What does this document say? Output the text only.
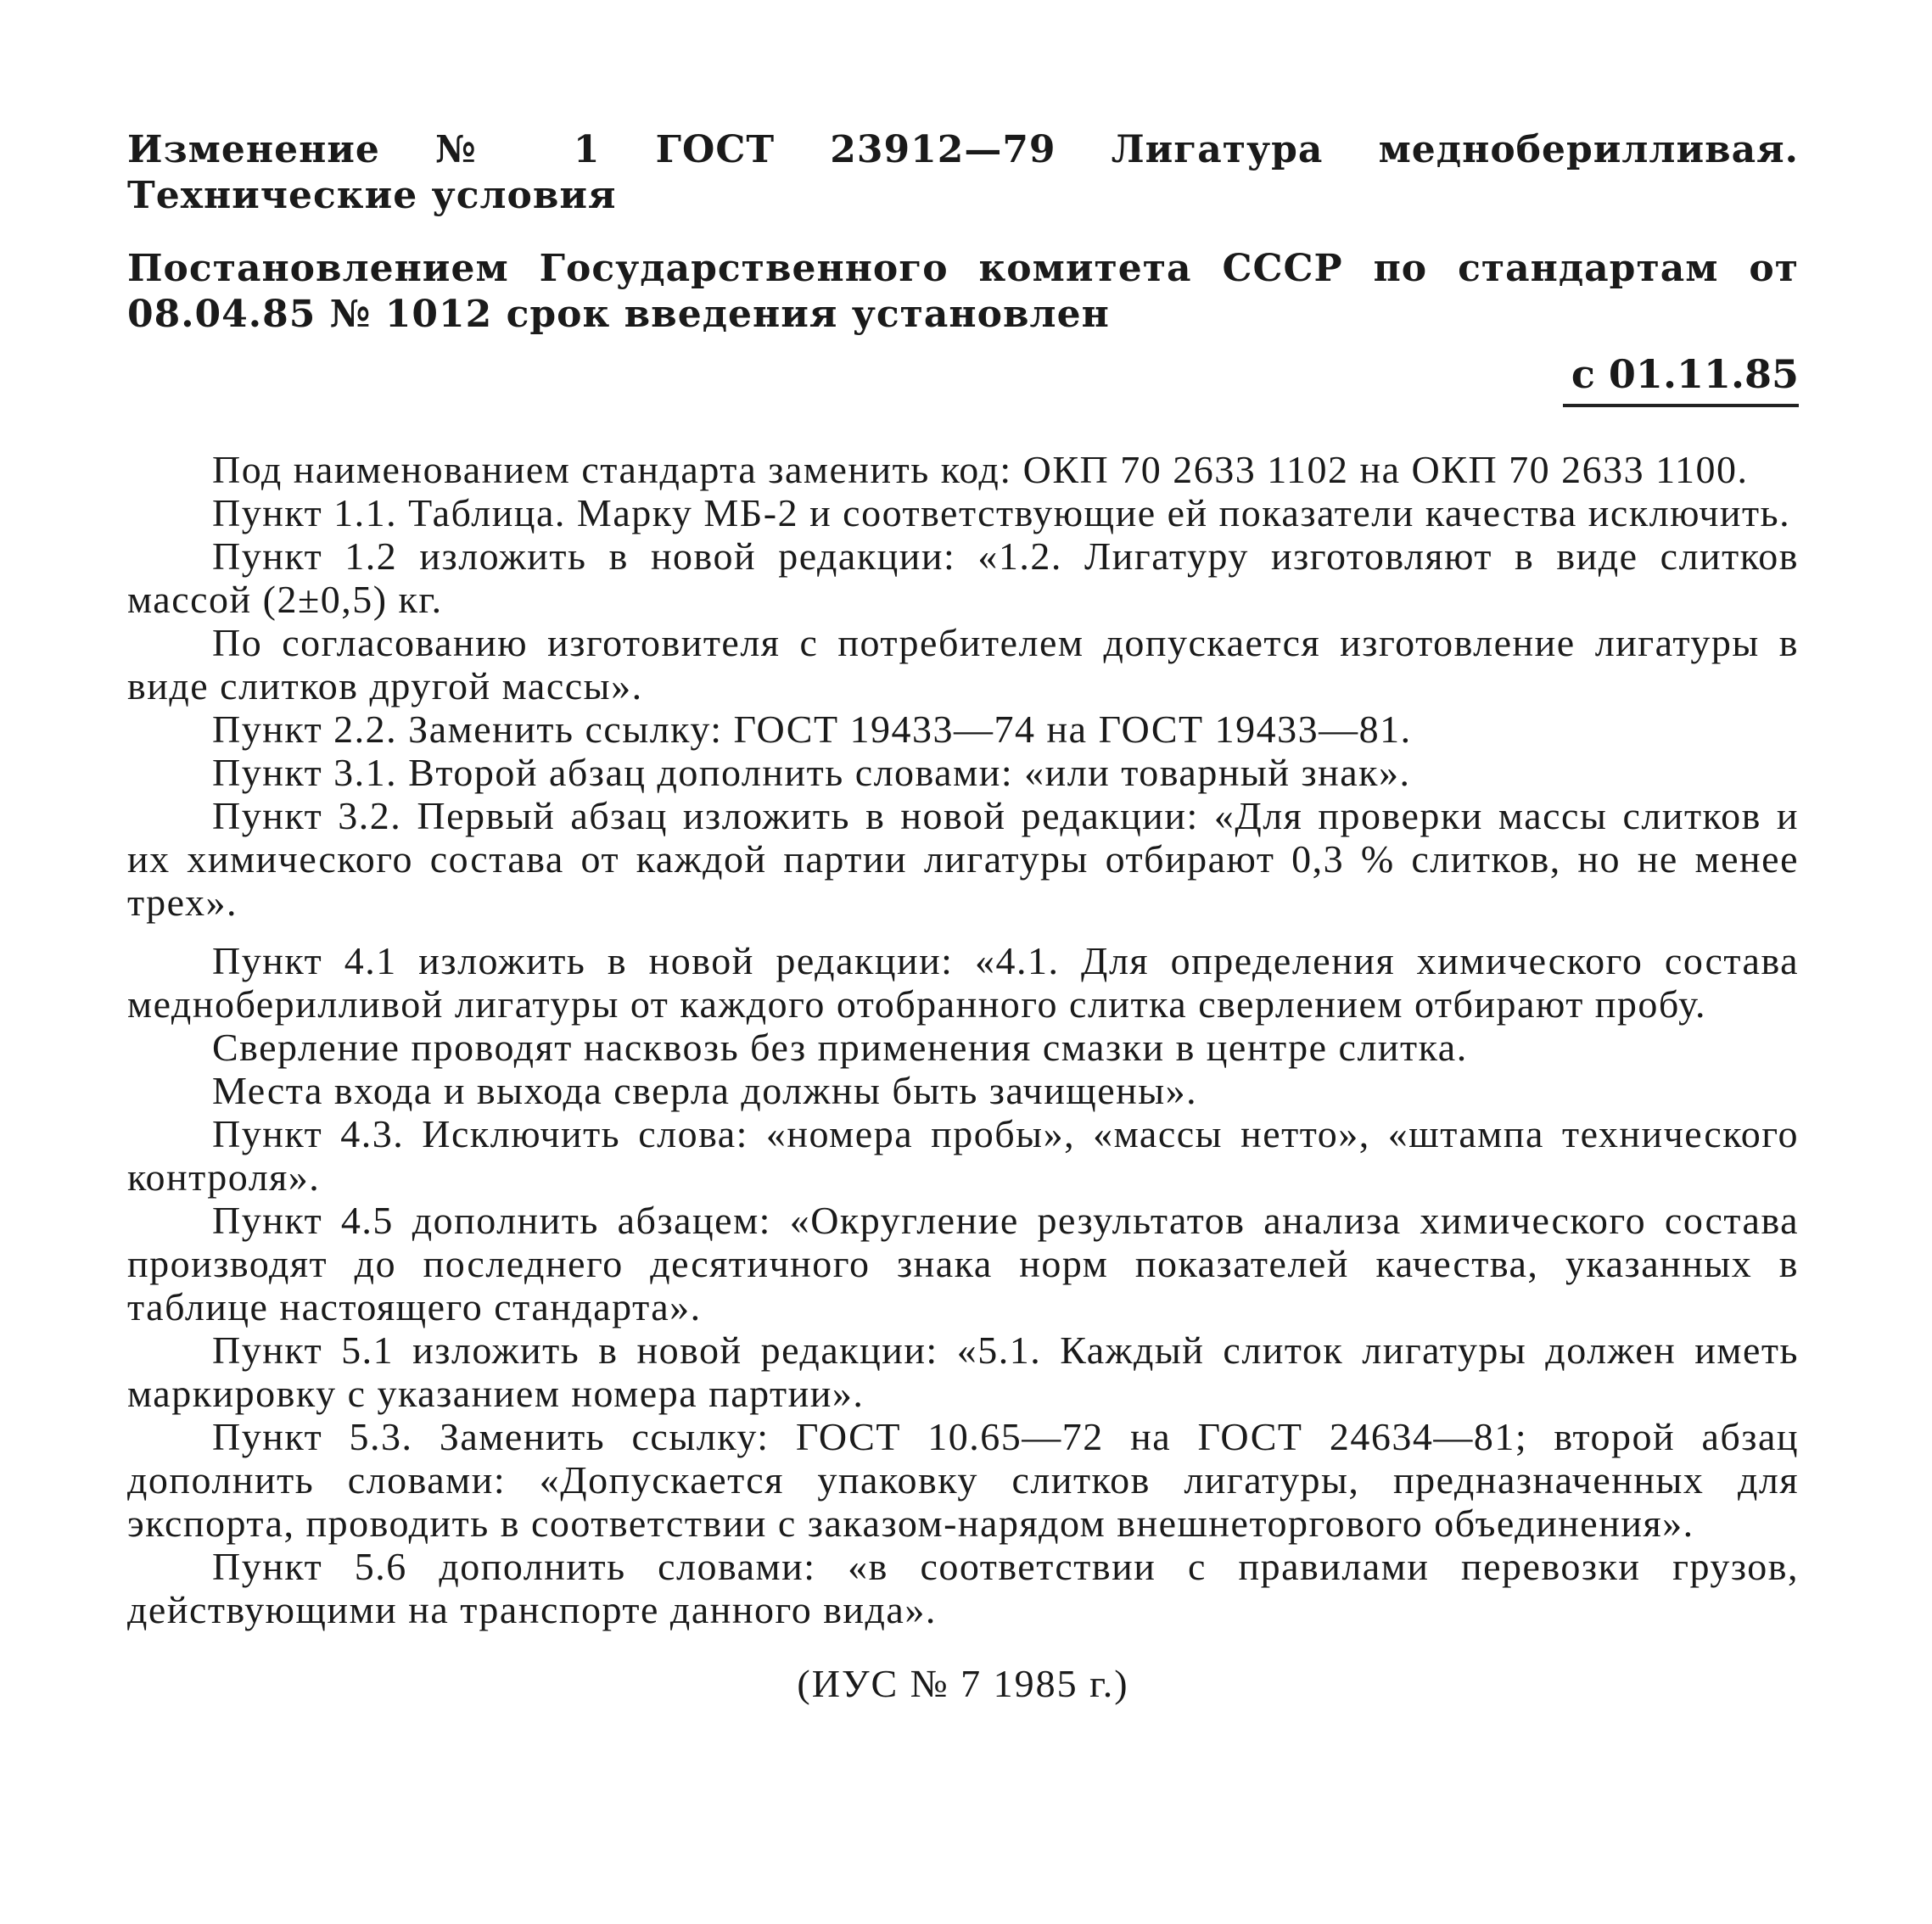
Изменение № 1 ГОСТ 23912—79 Лигатура медноберилливая. Технические условия

Постановлением Государственного комитета СССР по стандартам от 08.04.85 № 1012 срок введения установлен

с 01.11.85

Под наименованием стандарта заменить код: ОКП 70 2633 1102 на ОКП 70 2633 1100.

Пункт 1.1. Таблица. Марку МБ-2 и соответствующие ей показатели качества исключить.

Пункт 1.2 изложить в новой редакции: «1.2. Лигатуру изготовляют в виде слитков массой (2±0,5) кг.

По согласованию изготовителя с потребителем допускается изготовление лигатуры в виде слитков другой массы».

Пункт 2.2. Заменить ссылку: ГОСТ 19433—74 на ГОСТ 19433—81.

Пункт 3.1. Второй абзац дополнить словами: «или товарный знак».

Пункт 3.2. Первый абзац изложить в новой редакции: «Для проверки массы слитков и их химического состава от каждой партии лигатуры отбирают 0,3 % слитков, но не менее трех».

Пункт 4.1 изложить в новой редакции: «4.1. Для определения химического состава медноберилливой лигатуры от каждого отобранного слитка сверлением отбирают пробу.

Сверление проводят насквозь без применения смазки в центре слитка.

Места входа и выхода сверла должны быть зачищены».

Пункт 4.3. Исключить слова: «номера пробы», «массы нетто», «штампа технического контроля».

Пункт 4.5 дополнить абзацем: «Округление результатов анализа химического состава производят до последнего десятичного знака норм показателей качества, указанных в таблице настоящего стандарта».

Пункт 5.1 изложить в новой редакции: «5.1. Каждый слиток лигатуры должен иметь маркировку с указанием номера партии».

Пункт 5.3. Заменить ссылку: ГОСТ 10.65—72 на ГОСТ 24634—81; второй абзац дополнить словами: «Допускается упаковку слитков лигатуры, предназначенных для экспорта, проводить в соответствии с заказом-нарядом внешнеторгового объединения».

Пункт 5.6 дополнить словами: «в соответствии с правилами перевозки грузов, действующими на транспорте данного вида».

(ИУС № 7 1985 г.)
